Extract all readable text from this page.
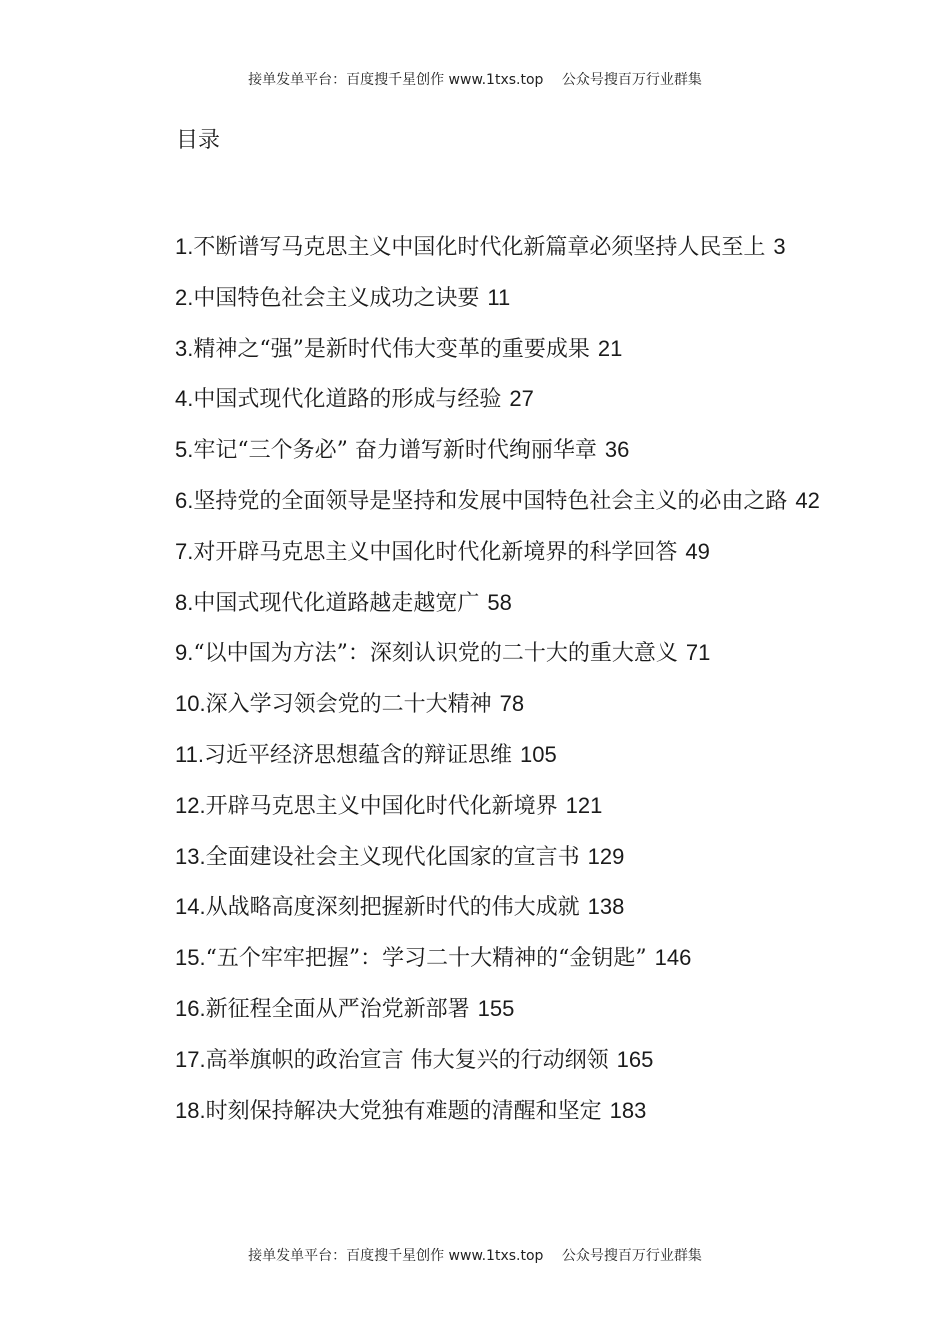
接单发单平台：百度搜千星创作 www.1txs.top　 公众号搜百万行业群集
目录
1.不断谱写马克思主义中国化时代化新篇章必须坚持人民至上 3
2.中国特色社会主义成功之诀要 11
3.精神之“强”是新时代伟大变革的重要成果 21
4.中国式现代化道路的形成与经验 27
5.牢记“三个务必” 奋力谱写新时代绚丽华章 36
6.坚持党的全面领导是坚持和发展中国特色社会主义的必由之路 42
7.对开辟马克思主义中国化时代化新境界的科学回答 49
8.中国式现代化道路越走越宽广 58
9.“以中国为方法”：深刻认识党的二十大的重大意义 71
10.深入学习领会党的二十大精神 78
11.习近平经济思想蕴含的辩证思维 105
12.开辟马克思主义中国化时代化新境界 121
13.全面建设社会主义现代化国家的宣言书 129
14.从战略高度深刻把握新时代的伟大成就 138
15.“五个牢牢把握”：学习二十大精神的“金钥匙” 146
16.新征程全面从严治党新部署 155
17.高举旗帜的政治宣言 伟大复兴的行动纲领 165
18.时刻保持解决大党独有难题的清醒和坚定 183
接单发单平台：百度搜千星创作 www.1txs.top　 公众号搜百万行业群集
